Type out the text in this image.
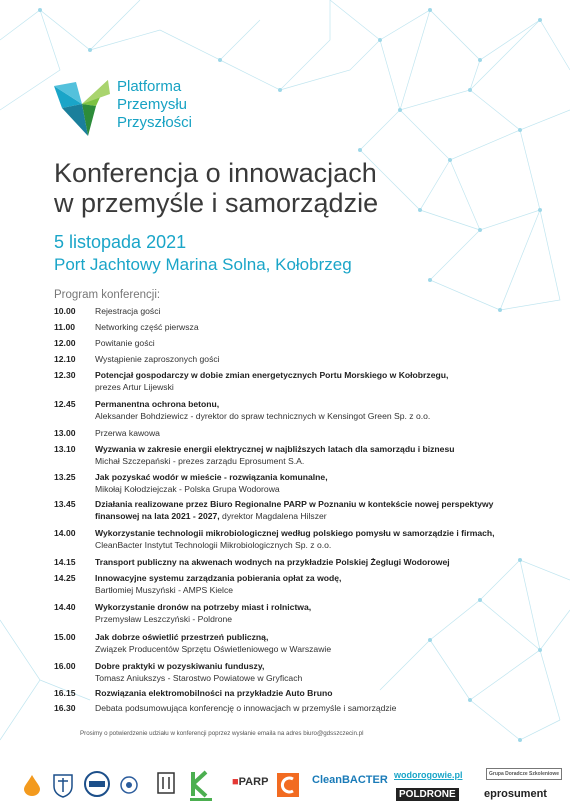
Platforma
Przemysłu
Przyszłości
Konferencja o innowacjach
w przemyśle i samorządzie
5 listopada 2021
Port Jachtowy Marina Solna, Kołobrzeg
Program konferencji:
10.00	Rejestracja gości
11.00	Networking część pierwsza
12.00	Powitanie gości
12.10	Wystąpienie zaproszonych gości
12.30	Potencjał gospodarczy w dobie zmian energetycznych Portu Morskiego w Kołobrzegu,
prezes Artur Lijewski
12.45	Permanentna ochrona betonu,
Aleksander Bohdziewicz - dyrektor do spraw technicznych w Kensingot Green Sp. z o.o.
13.00	Przerwa kawowa
13.10	Wyzwania w zakresie energii elektrycznej w najbliższych latach dla samorządu i biznesu
Michał Szczepański - prezes zarządu Eprosument S.A.
13.25	Jak pozyskać wodór w mieście - rozwiązania komunalne,
Mikołaj Kołodziejczak - Polska Grupa Wodorowa
13.45	Działania realizowane przez Biuro Regionalne PARP w Poznaniu w kontekście nowej perspektywy finansowej na lata 2021 - 2027, dyrektor Magdalena Hilszer
14.00	Wykorzystanie technologii mikrobiologicznej według polskiego pomysłu w samorządzie i firmach, CleanBacter Instytut Technologii Mikrobiologicznych Sp. z o.o.
14.15	Transport publiczny na akwenach wodnych na przykładzie Polskiej Żeglugi Wodorowej
14.25	Innowacyjne systemu zarządzania pobierania opłat za wodę,
Bartłomiej Muszyński - AMPS Kielce
14.40	Wykorzystanie dronów na potrzeby miast i rolnictwa,
Przemysław Leszczyński - Poldrone
15.00	Jak dobrze oświetlić przestrzeń publiczną,
Związek Producentów Sprzętu Oświetleniowego w Warszawie
16.00	Dobre praktyki w pozyskiwaniu funduszy,
Tomasz Aniukszys - Starostwo Powiatowe w Gryficach
16.15	Rozwiązania elektromobilności na przykładzie Auto Bruno
16.30	Debata podsumowująca konferencję o innowacjach w przemyśle i samorządzie
Prosimy o potwierdzenie udziału w konferencji poprzez wysłanie emaila na adres biuro@gdsszczecin.pl
■PARP	CleanBACTER wodorogowie.pl
POLDRONE
Grupa Doradcze Szkoleniowe
eprosument
